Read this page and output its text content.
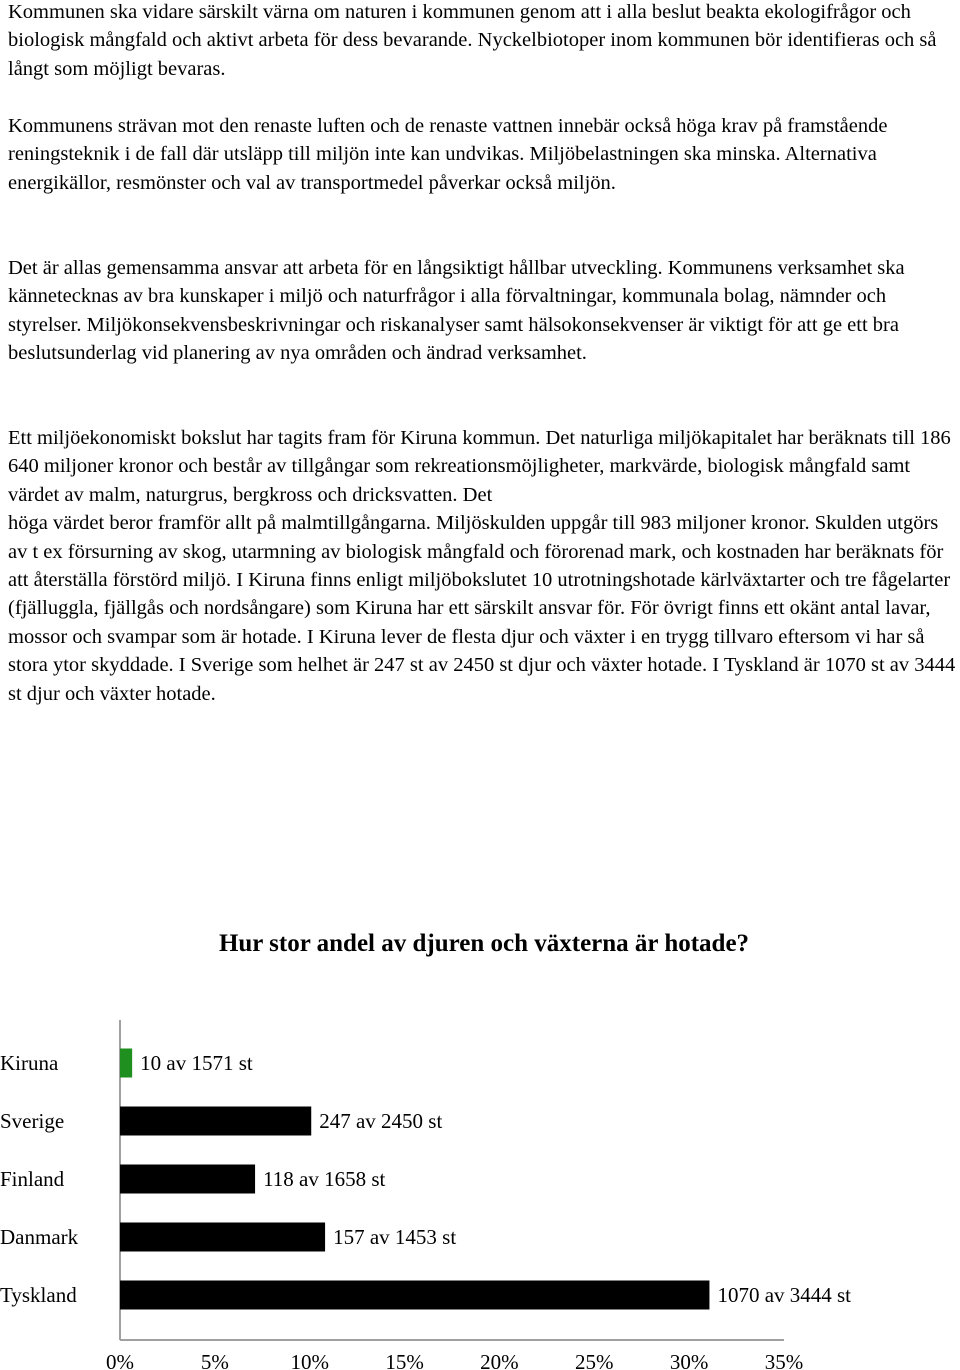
Kommunen ska vidare särskilt värna om naturen i kommunen genom att i alla beslut beakta ekologifrågor och biologisk mångfald och aktivt arbeta för dess bevarande. Nyckelbiotoper inom kommunen bör identifieras och så långt som möjligt bevaras.

Kommunens strävan mot den renaste luften och de renaste vattnen innebär också höga krav på framstående reningsteknik i de fall där utsläpp till miljön inte kan undvikas. Miljöbelastningen ska minska. Alternativa energikällor, resmönster och val av transportmedel påverkar också miljön.

Det är allas gemensamma ansvar att arbeta för en långsiktigt hållbar utveckling. Kommunens verksamhet ska kännetecknas av bra kunskaper i miljö och naturfrågor i alla förvaltningar, kommunala bolag, nämnder och styrelser. Miljökonsekvensbeskrivningar och riskanalyser samt hälsokonsekvenser är viktigt för att ge ett bra beslutsunderlag vid planering av nya områden och ändrad verksamhet.

Ett miljöekonomiskt bokslut har tagits fram för Kiruna kommun. Det naturliga miljökapitalet har beräknats till 186 640 miljoner kronor och består av tillgångar som rekreationsmöjligheter, markvärde, biologisk mångfald samt värdet av malm, naturgrus, bergkross och dricksvatten. Det
höga värdet beror framför allt på malmtillgångarna. Miljöskulden uppgår till 983 miljoner kronor. Skulden utgörs av t ex försurning av skog, utarmning av biologisk mångfald och förorenad mark, och kostnaden har beräknats för att återställa förstörd miljö. I Kiruna finns enligt miljöbokslutet 10 utrotningshotade kärlväxtarter och tre fågelarter (fjälluggla, fjällgås och nordsångare) som Kiruna har ett särskilt ansvar för. För övrigt finns ett okänt antal lavar, mossor och svampar som är hotade. I Kiruna lever de flesta djur och växter i en trygg tillvaro eftersom vi har så stora ytor skyddade. I Sverige som helhet är 247 st av 2450 st djur och växter hotade. I Tyskland är 1070 st av 3444 st djur och växter hotade.

Hur stor andel av djuren och växterna är hotade?
Kiruna	10 av 1571 st
Sverige	247 av 2450 st
Finland	118 av 1658 st
Danmark	157 av 1453 st
Tyskland	1070 av 3444 st
0%	5%	10%	15%	20%	25%	30%	35%
